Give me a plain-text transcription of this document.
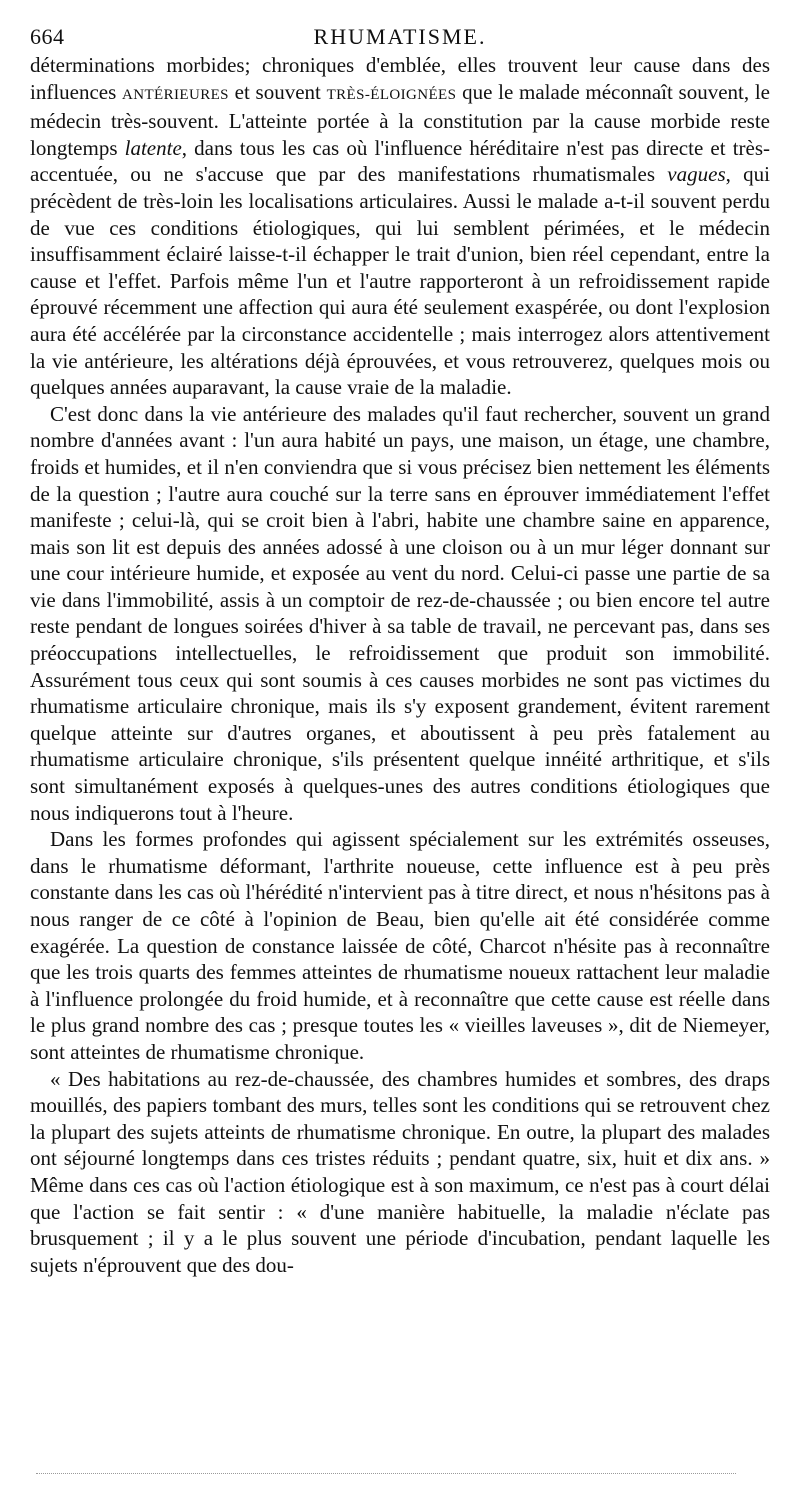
664	RHUMATISME.

déterminations morbides; chroniques d'emblée, elles trouvent leur cause dans des influences ANTÉRIEURES et souvent TRÈS-ÉLOIGNÉES que le malade méconnaît souvent, le médecin très-souvent. L'atteinte portée à la constitution par la cause morbide reste longtemps latente, dans tous les cas où l'influence héréditaire n'est pas directe et très-accentuée, ou ne s'accuse que par des manifestations rhumatismales vagues, qui précèdent de très-loin les localisations articulaires. Aussi le malade a-t-il souvent perdu de vue ces conditions étiologiques, qui lui semblent périmées, et le médecin insuffisamment éclairé laisse-t-il échapper le trait d'union, bien réel cependant, entre la cause et l'effet. Parfois même l'un et l'autre rapporteront à un refroidissement rapide éprouvé récemment une affection qui aura été seulement exaspérée, ou dont l'explosion aura été accélérée par la circonstance accidentelle ; mais interrogez alors attentivement la vie antérieure, les altérations déjà éprouvées, et vous retrouverez, quelques mois ou quelques années auparavant, la cause vraie de la maladie.

C'est donc dans la vie antérieure des malades qu'il faut rechercher, souvent un grand nombre d'années avant : l'un aura habité un pays, une maison, un étage, une chambre, froids et humides, et il n'en conviendra que si vous précisez bien nettement les éléments de la question ; l'autre aura couché sur la terre sans en éprouver immédiatement l'effet manifeste ; celui-là, qui se croit bien à l'abri, habite une chambre saine en apparence, mais son lit est depuis des années adossé à une cloison ou à un mur léger donnant sur une cour intérieure humide, et exposée au vent du nord. Celui-ci passe une partie de sa vie dans l'immobilité, assis à un comptoir de rez-de-chaussée ; ou bien encore tel autre reste pendant de longues soirées d'hiver à sa table de travail, ne percevant pas, dans ses préoccupations intellectuelles, le refroidissement que produit son immobilité. Assurément tous ceux qui sont soumis à ces causes morbides ne sont pas victimes du rhumatisme articulaire chronique, mais ils s'y exposent grandement, évitent rarement quelque atteinte sur d'autres organes, et aboutissent à peu près fatalement au rhumatisme articulaire chronique, s'ils présentent quelque innéité arthritique, et s'ils sont simultanément exposés à quelques-unes des autres conditions étiologiques que nous indiquerons tout à l'heure.

Dans les formes profondes qui agissent spécialement sur les extrémités osseuses, dans le rhumatisme déformant, l'arthrite noueuse, cette influence est à peu près constante dans les cas où l'hérédité n'intervient pas à titre direct, et nous n'hésitons pas à nous ranger de ce côté à l'opinion de Beau, bien qu'elle ait été considérée comme exagérée. La question de constance laissée de côté, Charcot n'hésite pas à reconnaître que les trois quarts des femmes atteintes de rhumatisme noueux rattachent leur maladie à l'influence prolongée du froid humide, et à reconnaître que cette cause est réelle dans le plus grand nombre des cas ; presque toutes les « vieilles laveuses », dit de Niemeyer, sont atteintes de rhumatisme chronique.

« Des habitations au rez-de-chaussée, des chambres humides et sombres, des draps mouillés, des papiers tombant des murs, telles sont les conditions qui se retrouvent chez la plupart des sujets atteints de rhumatisme chronique. En outre, la plupart des malades ont séjourné longtemps dans ces tristes réduits ; pendant quatre, six, huit et dix ans. » Même dans ces cas où l'action étiologique est à son maximum, ce n'est pas à court délai que l'action se fait sentir : « d'une manière habituelle, la maladie n'éclate pas brusquement ; il y a le plus souvent une période d'incubation, pendant laquelle les sujets n'éprouvent que des dou-
